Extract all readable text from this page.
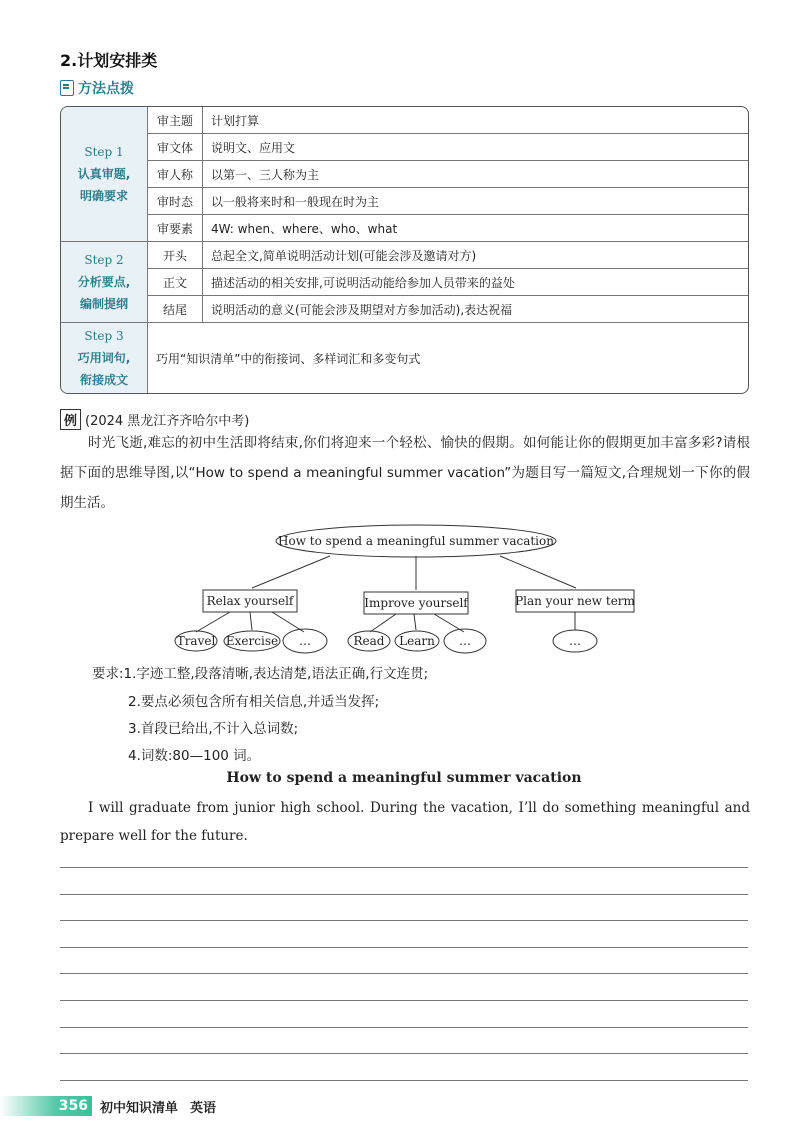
2.计划安排类
方法点拨
Step 1
认真审题,
明确要求	审主题	计划打算
	审文体	说明文、应用文
	审人称	以第一、三人称为主
	审时态	以一般将来时和一般现在时为主
	审要素	4W: when、where、who、what

Step 2
分析要点,
编制提纲	开头	总起全文,简单说明活动计划(可能会涉及邀请对方)
	正文	描述活动的相关安排,可说明活动能给参加人员带来的益处
	结尾	说明活动的意义(可能会涉及期望对方参加活动),表达祝福

Step 3
巧用词句,
衔接成文	巧用“知识清单”中的衔接词、多样词汇和多变句式	
例 (2024 黑龙江齐齐哈尔中考)
时光飞逝,难忘的初中生活即将结束,你们将迎来一个轻松、愉快的假期。如何能让你的假期更加丰富多彩?请根据下面的思维导图,以“How to spend a meaningful summer vacation”为题目写一篇短文,合理规划一下你的假期生活。
How to spend a meaningful summer vacation
Relax yourself	Improve yourself	Plan your new term
Travel Exercise …	Read Learn …	…
要求:1.字迹工整,段落清晰,表达清楚,语法正确,行文连贯;
2.要点必须包含所有相关信息,并适当发挥;
3.首段已给出,不计入总词数;
4.词数:80—100 词。
How to spend a meaningful summer vacation
I will graduate from junior high school. During the vacation, I’ll do something meaningful and prepare well for the future.
356 初中知识清单 英语
